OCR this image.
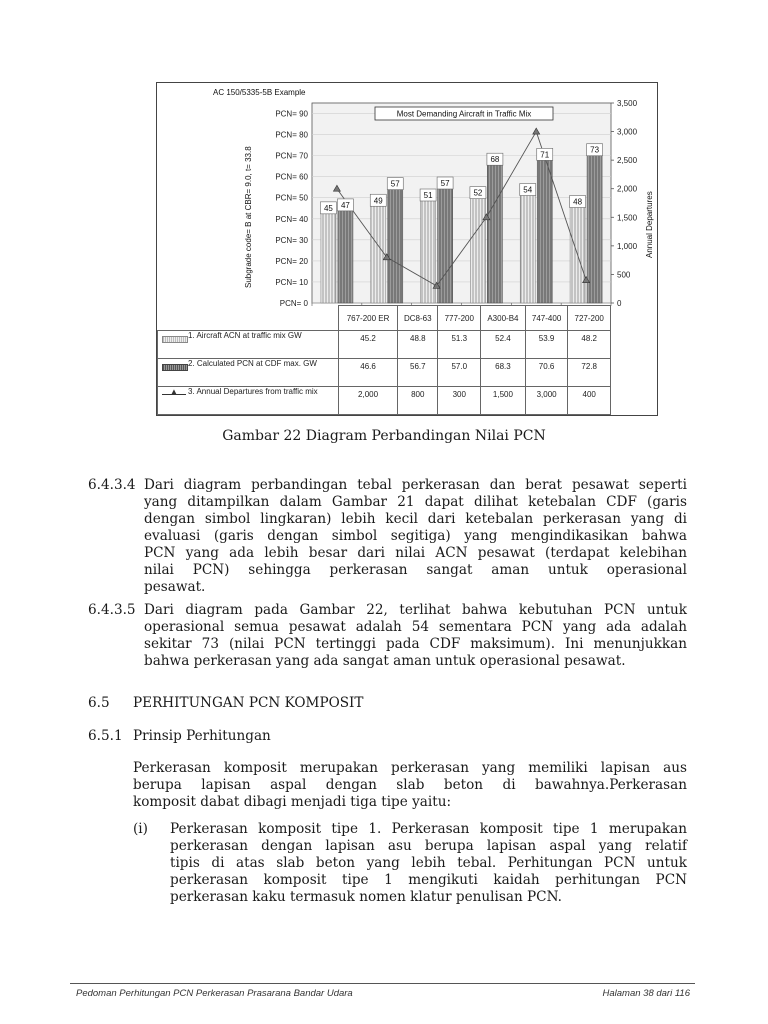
AC 150/5335-5B Example
Subgrade code= B at CBR= 9.0, t= 33.8	Annual Departures
PCN= 0
PCN= 10
PCN= 20
PCN= 30
PCN= 40
PCN= 50
PCN= 60
PCN= 70
PCN= 80
PCN= 90
0
500
1,000
1,500
2,000
2,500
3,000
3,500
45 47
49
57
51
57
52
68
54
71
48
73
Most Demanding Aircraft in Traffic Mix
	767-200 ER	DC8-63	777-200	A300-B4	747-400	727-200

1. Aircraft ACN at traffic mix GW	45.2	48.8	51.3	52.4	53.9	48.2

2. Calculated PCN at CDF max. GW	46.6	56.7	57.0	68.3	70.6	72.8

▲
3. Annual Departures from traffic mix	2,000	800	300	1,500	3,000	400
Gambar 22 Diagram Perbandingan Nilai PCN
6.4.3.4 Dari diagram perbandingan tebal perkerasan dan berat pesawat seperti
yang ditampilkan dalam Gambar 21 dapat dilihat ketebalan CDF (garis
dengan simbol lingkaran) lebih kecil dari ketebalan perkerasan yang di
evaluasi (garis dengan simbol segitiga) yang mengindikasikan bahwa
PCN yang ada lebih besar dari nilai ACN pesawat (terdapat kelebihan
nilai PCN) sehingga perkerasan sangat aman untuk operasional
pesawat.
6.4.3.5 Dari diagram pada Gambar 22, terlihat bahwa kebutuhan PCN untuk
operasional semua pesawat adalah 54 sementara PCN yang ada adalah
sekitar 73 (nilai PCN tertinggi pada CDF maksimum). Ini menunjukkan
bahwa perkerasan yang ada sangat aman untuk operasional pesawat.
6.5 PERHITUNGAN PCN KOMPOSIT
6.5.1 Prinsip Perhitungan
Perkerasan komposit merupakan perkerasan yang memiliki lapisan aus
berupa lapisan aspal dengan slab beton di bawahnya.Perkerasan
komposit dabat dibagi menjadi tiga tipe yaitu:
(i) Perkerasan komposit tipe 1. Perkerasan komposit tipe 1 merupakan
perkerasan dengan lapisan asu berupa lapisan aspal yang relatif
tipis di atas slab beton yang lebih tebal. Perhitungan PCN untuk
perkerasan komposit tipe 1 mengikuti kaidah perhitungan PCN
perkerasan kaku termasuk nomen klatur penulisan PCN.
Pedoman Perhitungan PCN Perkerasan Prasarana Bandar Udara	Halaman 38 dari 116
